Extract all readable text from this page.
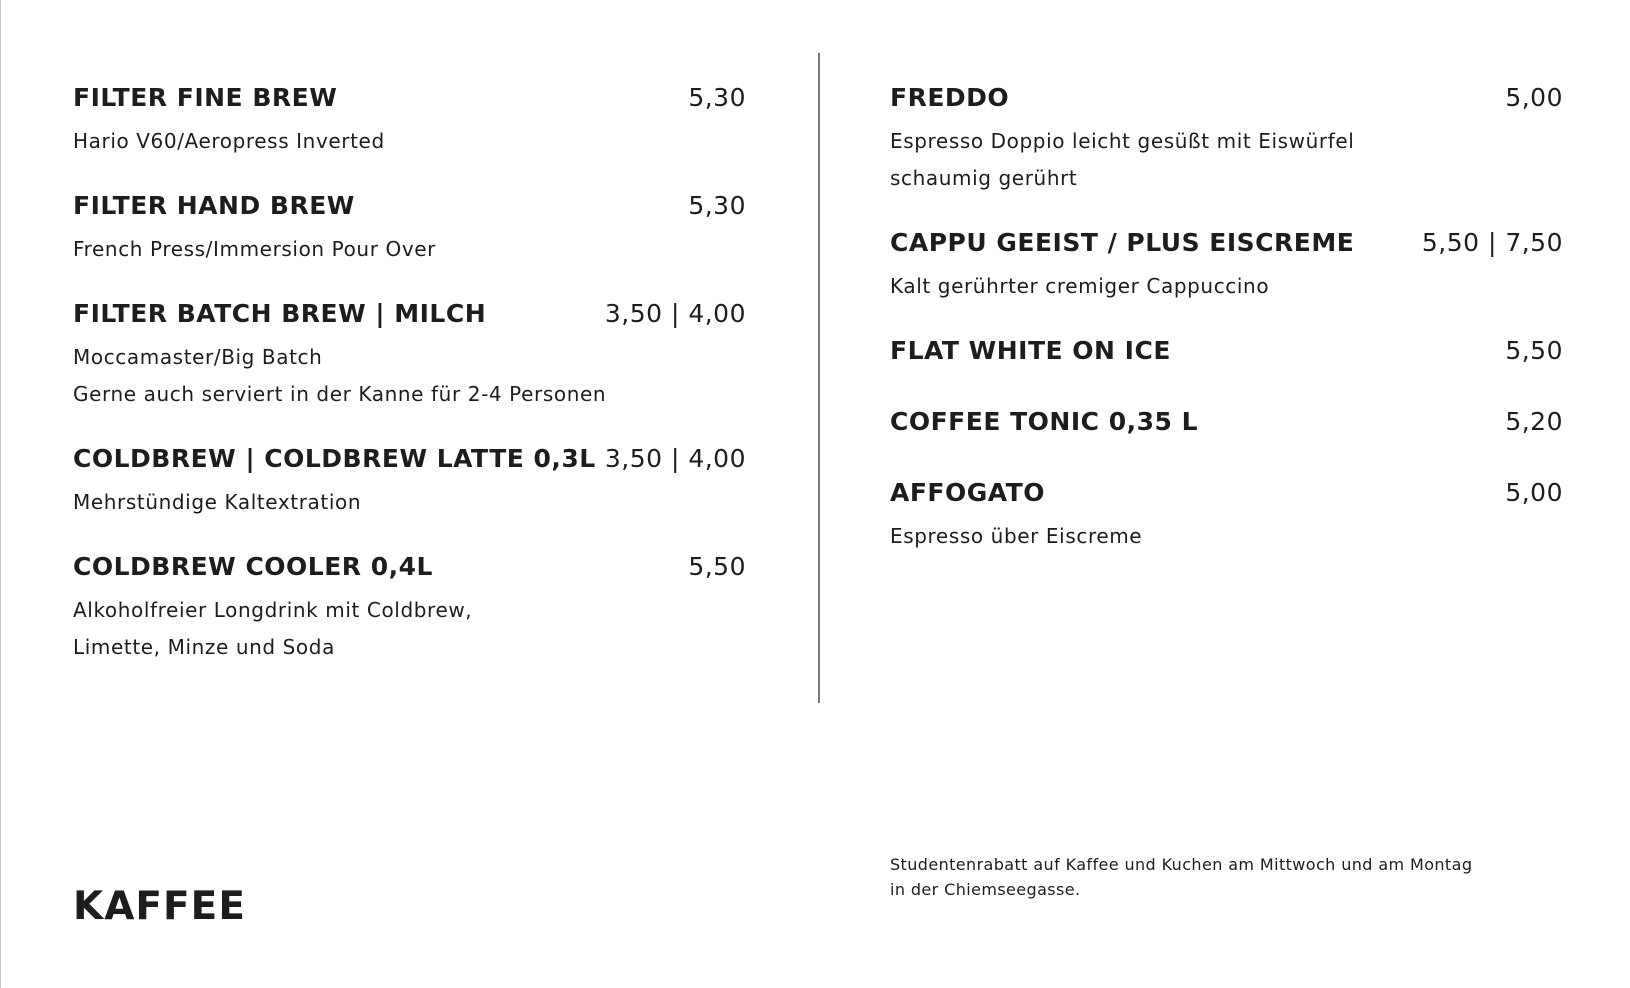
FILTER FINE BREW	5,30
Hario V60/Aeropress Inverted
FILTER HAND BREW	5,30
French Press/Immersion Pour Over
FILTER BATCH BREW | MILCH	3,50 | 4,00
Moccamaster/Big Batch
Gerne auch serviert in der Kanne für 2-4 Personen
COLDBREW | COLDBREW LATTE 0,3L 3,50 | 4,00
Mehrstündige Kaltextration
COLDBREW COOLER 0,4L	5,50
Alkoholfreier Longdrink mit Coldbrew,
Limette, Minze und Soda
FREDDO	5,00
Espresso Doppio leicht gesüßt mit Eiswürfel
schaumig gerührt
CAPPU GEEIST / PLUS EISCREME	5,50 | 7,50
Kalt gerührter cremiger Cappuccino
FLAT WHITE ON ICE	5,50
COFFEE TONIC 0,35 L	5,20
AFFOGATO	5,00
Espresso über Eiscreme
Studentenrabatt auf Kaffee und Kuchen am Mittwoch und am Montag
in der Chiemseegasse.
KAFFEE
